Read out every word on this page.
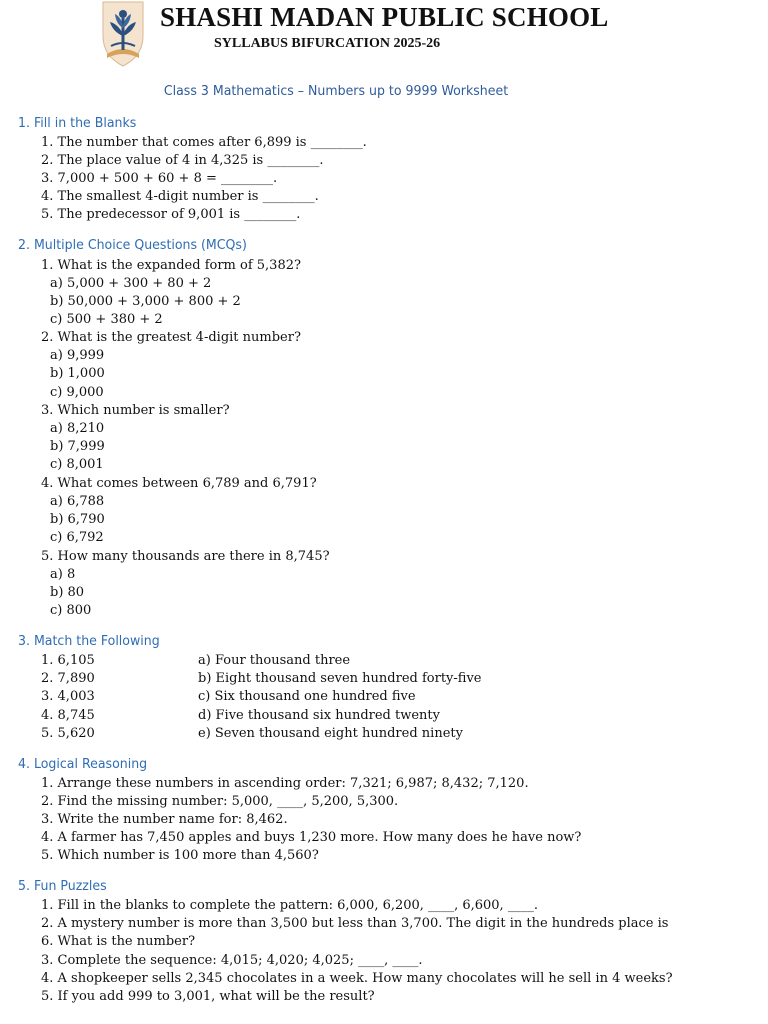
SHASHI MADAN PUBLIC SCHOOL
SYLLABUS BIFURCATION 2025-26
Class 3 Mathematics – Numbers up to 9999 Worksheet
1. Fill in the Blanks
1. The number that comes after 6,899 is ________.
2. The place value of 4 in 4,325 is ________.
3. 7,000 + 500 + 60 + 8 = ________.
4. The smallest 4-digit number is ________.
5. The predecessor of 9,001 is ________.
2. Multiple Choice Questions (MCQs)
1. What is the expanded form of 5,382?
a) 5,000 + 300 + 80 + 2
b) 50,000 + 3,000 + 800 + 2
c) 500 + 380 + 2
2. What is the greatest 4-digit number?
a) 9,999
b) 1,000
c) 9,000
3. Which number is smaller?
a) 8,210
b) 7,999
c) 8,001
4. What comes between 6,789 and 6,791?
a) 6,788
b) 6,790
c) 6,792
5. How many thousands are there in 8,745?
a) 8
b) 80
c) 800
3. Match the Following
1. 6,105	a) Four thousand three
2. 7,890	b) Eight thousand seven hundred forty-five
3. 4,003	c) Six thousand one hundred five
4. 8,745	d) Five thousand six hundred twenty
5. 5,620	e) Seven thousand eight hundred ninety
4. Logical Reasoning
1. Arrange these numbers in ascending order: 7,321; 6,987; 8,432; 7,120.
2. Find the missing number: 5,000, ____, 5,200, 5,300.
3. Write the number name for: 8,462.
4. A farmer has 7,450 apples and buys 1,230 more. How many does he have now?
5. Which number is 100 more than 4,560?
5. Fun Puzzles
1. Fill in the blanks to complete the pattern: 6,000, 6,200, ____, 6,600, ____.
2. A mystery number is more than 3,500 but less than 3,700. The digit in the hundreds place is
6. What is the number?
3. Complete the sequence: 4,015; 4,020; 4,025; ____, ____.
4. A shopkeeper sells 2,345 chocolates in a week. How many chocolates will he sell in 4 weeks?
5. If you add 999 to 3,001, what will be the result?
